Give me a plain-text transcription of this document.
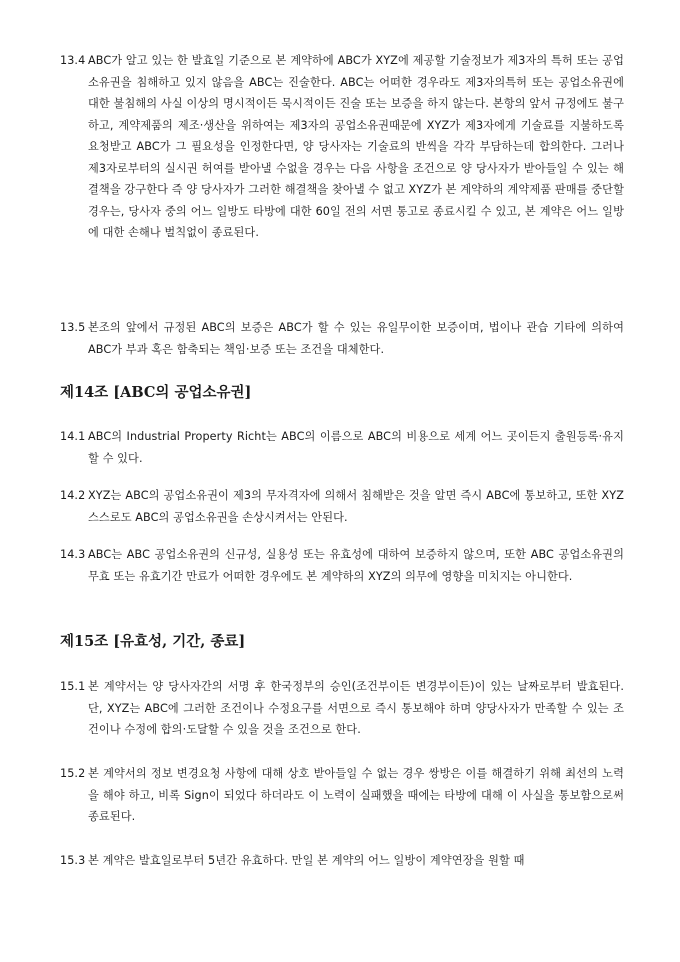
13.4 ABC가 알고 있는 한 발효일 기준으로 본 계약하에 ABC가 XYZ에 제공할 기술정보가 제3자의 특허 또는 공업소유권을 침해하고 있지 않음을 ABC는 진술한다. ABC는 어떠한 경우라도 제3자의특허 또는 공업소유권에 대한 불침해의 사실 이상의 명시적이든 묵시적이든 진술 또는 보증을 하지 않는다. 본항의 앞서 규정에도 불구하고, 계약제품의 제조·생산을 위하여는 제3자의 공업소유권때문에 XYZ가 제3자에게 기술료를 지불하도록 요청받고 ABC가 그 필요성을 인정한다면, 양 당사자는 기술료의 반씩을 각각 부담하는데 합의한다. 그러나 제3자로부터의 실시권 허여를 받아낼 수없을 경우는 다음 사항을 조건으로 양 당사자가 받아들일 수 있는 해결책을 강구한다 즉 양 당사자가 그러한 해결책을 찾아낼 수 없고 XYZ가 본 계약하의 계약제품 판매를 중단할 경우는, 당사자 중의 어느 일방도 타방에 대한 60일 전의 서면 통고로 종료시킬 수 있고, 본 계약은 어느 일방에 대한 손해나 벌칙없이 종료된다.
13.5 본조의 앞에서 규정된 ABC의 보증은 ABC가 할 수 있는 유일무이한 보증이며, 법이나 관습 기타에 의하여 ABC가 부과 혹은 함축되는 책임·보증 또는 조건을 대체한다.
제14조 [ABC의 공업소유권]
14.1 ABC의 Industrial Property Richt는 ABC의 이름으로 ABC의 비용으로 세계 어느 곳이든지 출원등록·유지할 수 있다.
14.2 XYZ는 ABC의 공업소유권이 제3의 무자격자에 의해서 침해받은 것을 알면 즉시 ABC에 통보하고, 또한 XYZ 스스로도 ABC의 공업소유권을 손상시켜서는 안된다.
14.3 ABC는 ABC 공업소유권의 신규성, 실용성 또는 유효성에 대하여 보증하지 않으며, 또한 ABC 공업소유권의 무효 또는 유효기간 만료가 어떠한 경우에도 본 계약하의 XYZ의 의무에 영향을 미치지는 아니한다.
제15조 [유효성, 기간, 종료]
15.1 본 계약서는 양 당사자간의 서명 후 한국정부의 승인(조건부이든 변경부이든)이 있는 날짜로부터 발효된다. 단, XYZ는 ABC에 그러한 조건이나 수정요구를 서면으로 즉시 통보해야 하며 양당사자가 만족할 수 있는 조건이나 수정에 합의·도달할 수 있을 것을 조건으로 한다.
15.2 본 계약서의 정보 변경요청 사항에 대해 상호 받아들일 수 없는 경우 쌍방은 이를 해결하기 위해 최선의 노력을 해야 하고, 비록 Sign이 되었다 하더라도 이 노력이 실패했을 때에는 타방에 대해 이 사실을 통보함으로써 종료된다.
15.3 본 계약은 발효일로부터 5년간 유효하다. 만일 본 계약의 어느 일방이 계약연장을 원할 때
